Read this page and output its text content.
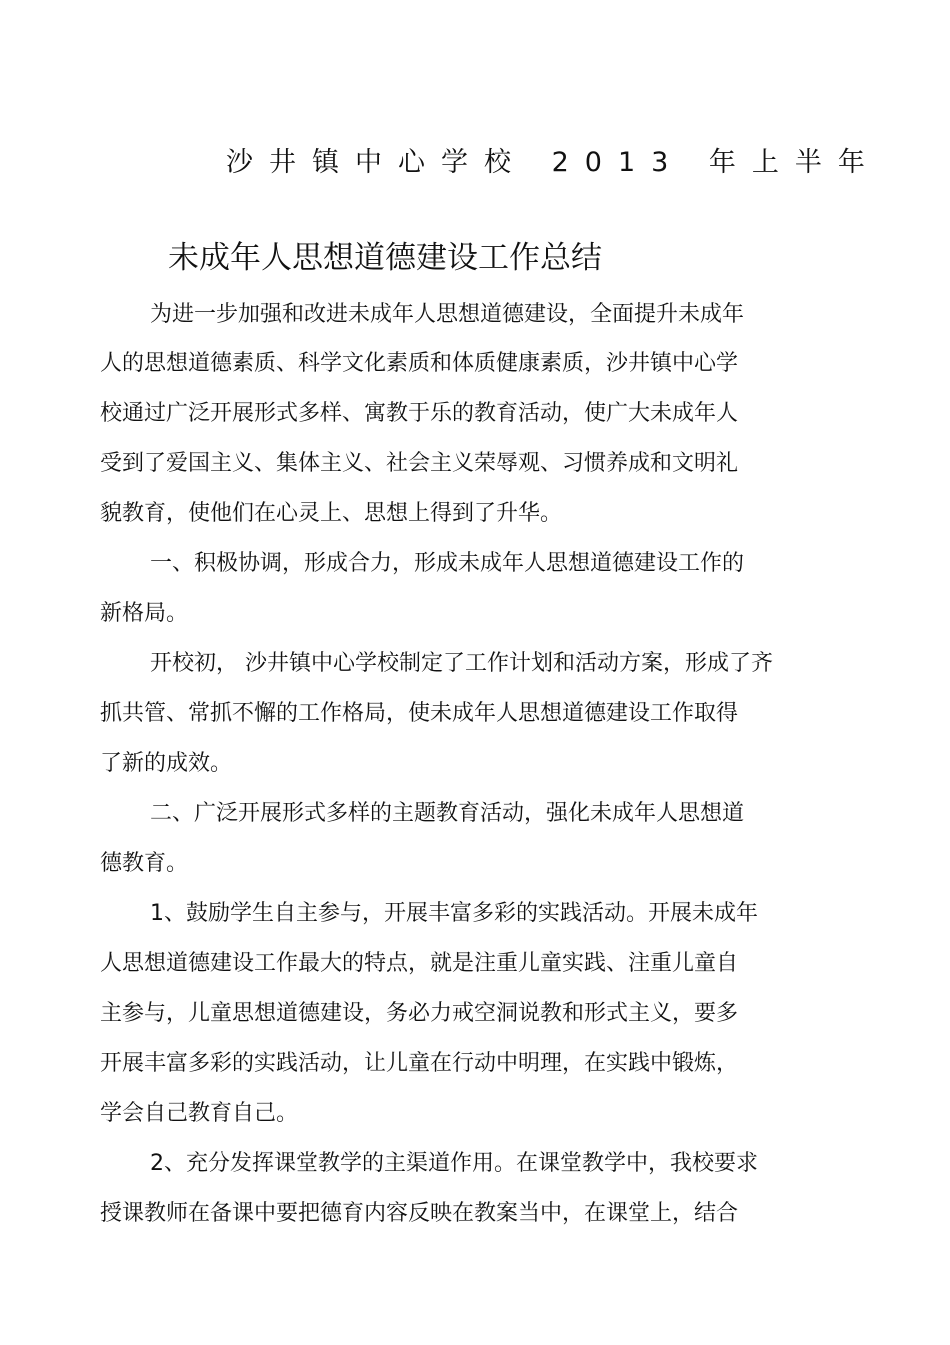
沙井镇中心学校 2013 年上半年
未成年人思想道德建设工作总结
为进一步加强和改进未成年人思想道德建设，全面提升未成年
人的思想道德素质、科学文化素质和体质健康素质，沙井镇中心学
校通过广泛开展形式多样、寓教于乐的教育活动，使广大未成年人
受到了爱国主义、集体主义、社会主义荣辱观、习惯养成和文明礼
貌教育，使他们在心灵上、思想上得到了升华。
一、积极协调，形成合力，形成未成年人思想道德建设工作的
新格局。
开校初， 沙井镇中心学校制定了工作计划和活动方案，形成了齐
抓共管、常抓不懈的工作格局，使未成年人思想道德建设工作取得
了新的成效。
二、广泛开展形式多样的主题教育活动，强化未成年人思想道
德教育。
1、鼓励学生自主参与，开展丰富多彩的实践活动。开展未成年
人思想道德建设工作最大的特点，就是注重儿童实践、注重儿童自
主参与，儿童思想道德建设，务必力戒空洞说教和形式主义，要多
开展丰富多彩的实践活动，让儿童在行动中明理，在实践中锻炼，
学会自己教育自己。
2、充分发挥课堂教学的主渠道作用。在课堂教学中，我校要求
授课教师在备课中要把德育内容反映在教案当中，在课堂上，结合
